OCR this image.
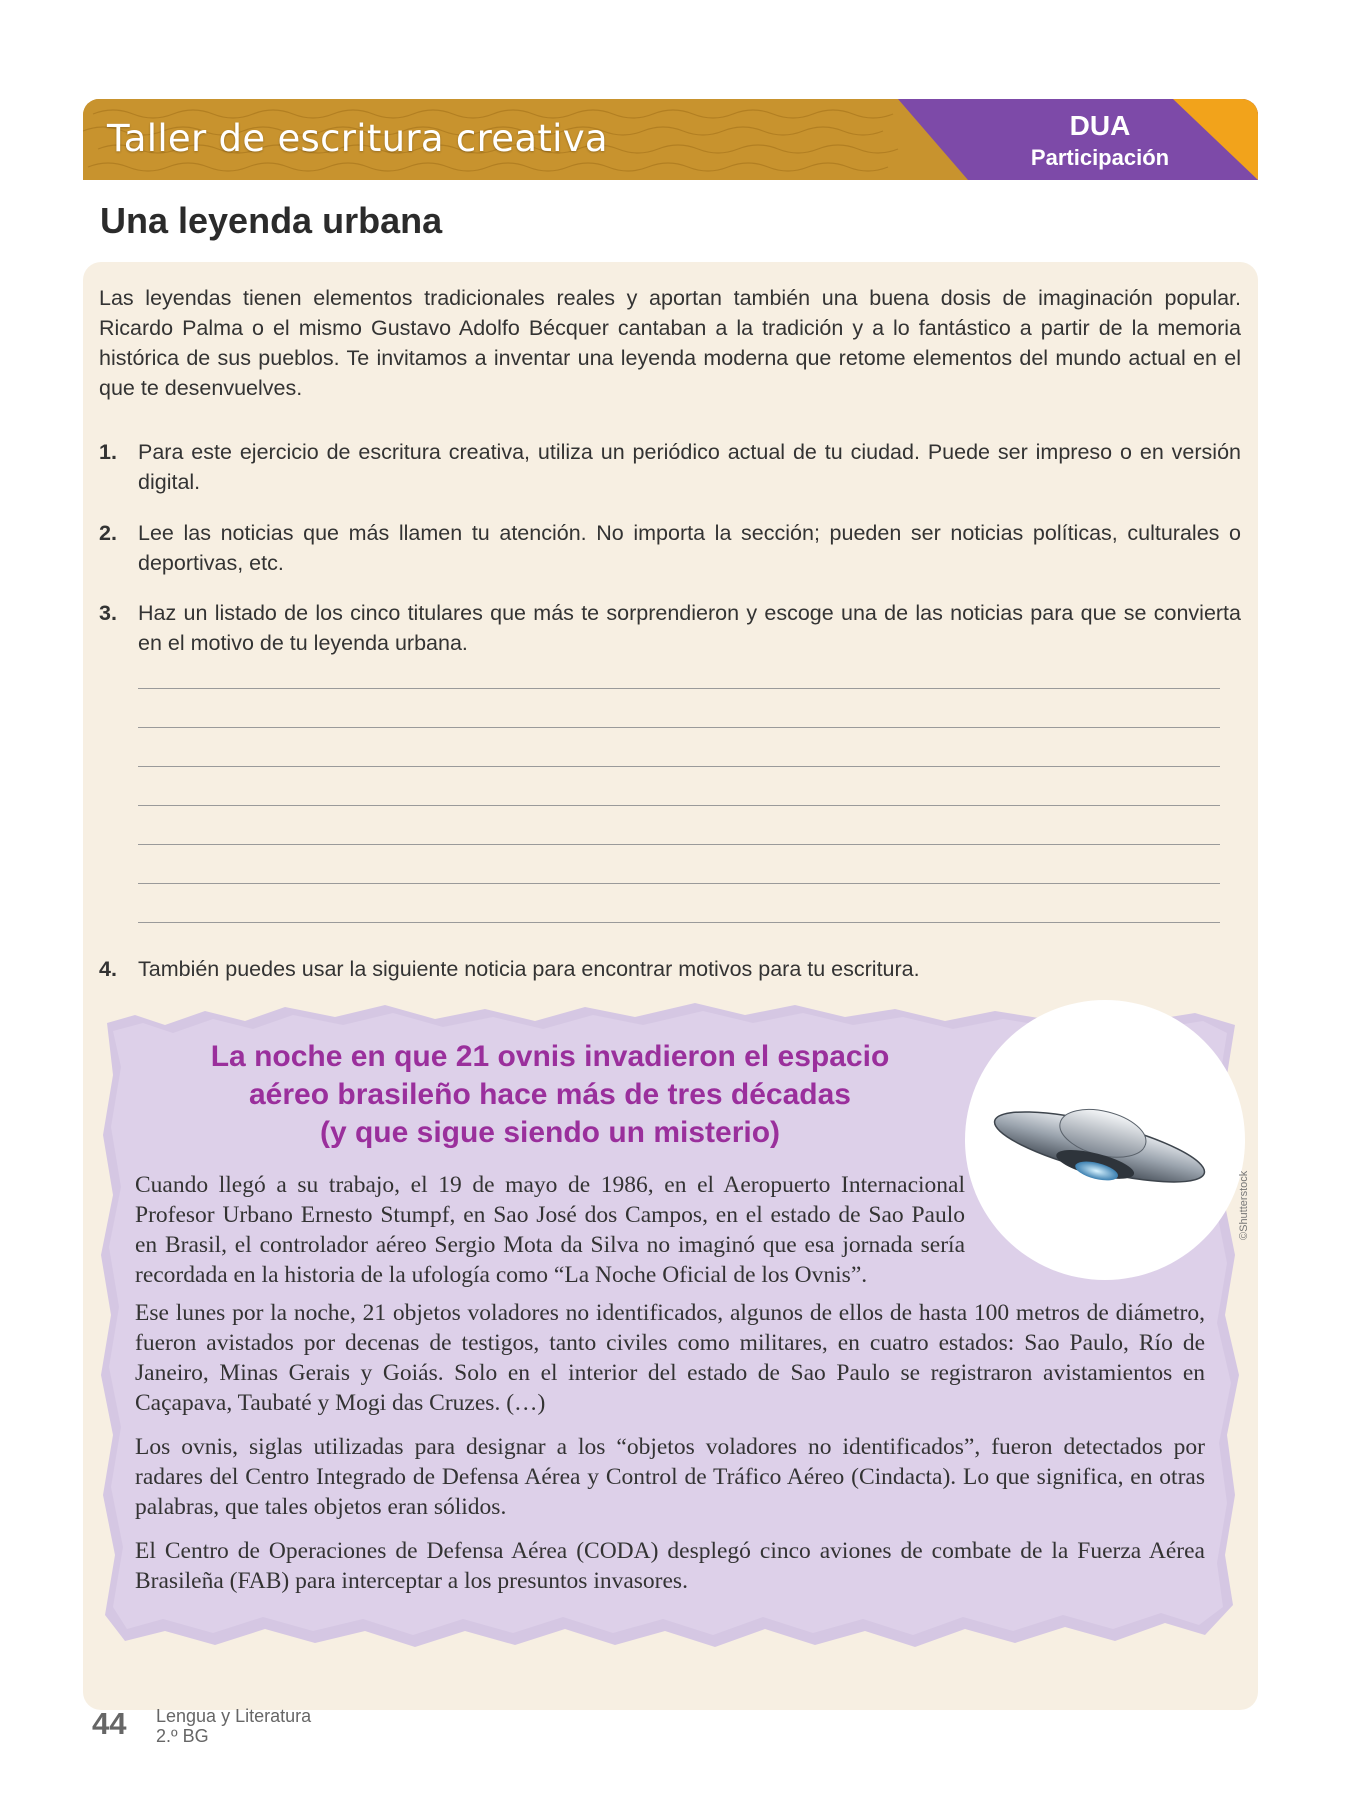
Taller de escritura creativa	DUA
Participación
Una leyenda urbana
Las leyendas tienen elementos tradicionales reales y aportan también una buena dosis de imaginación popular. Ricardo Palma o el mismo Gustavo Adolfo Bécquer cantaban a la tradición y a lo fantástico a partir de la memoria histórica de sus pueblos. Te invitamos a inventar una leyenda moderna que retome elementos del mundo actual en el que te desenvuelves.
1. Para este ejercicio de escritura creativa, utiliza un periódico actual de tu ciudad. Puede ser impreso o en versión digital.
2. Lee las noticias que más llamen tu atención. No importa la sección; pueden ser noticias políticas, culturales o deportivas, etc.
3. Haz un listado de los cinco titulares que más te sorprendieron y escoge una de las noticias para que se convierta en el motivo de tu leyenda urbana.
4. También puedes usar la siguiente noticia para encontrar motivos para tu escritura.
La noche en que 21 ovnis invadieron el espacio
aéreo brasileño hace más de tres décadas
(y que sigue siendo un misterio)
©Shutterstock
Cuando llegó a su trabajo, el 19 de mayo de 1986, en el Aeropuerto Internacional Profesor Urbano Ernesto Stumpf, en Sao José dos Campos, en el estado de Sao Paulo en Brasil, el controlador aéreo Sergio Mota da Silva no imaginó que esa jornada sería recordada en la historia de la ufología como “La Noche Oficial de los Ovnis”.
Ese lunes por la noche, 21 objetos voladores no identificados, algunos de ellos de hasta 100 metros de diámetro, fueron avistados por decenas de testigos, tanto civiles como militares, en cuatro estados: Sao Paulo, Río de Janeiro, Minas Gerais y Goiás. Solo en el interior del estado de Sao Paulo se registraron avistamientos en Caçapava, Taubaté y Mogi das Cruzes. (…)
Los ovnis, siglas utilizadas para designar a los “objetos voladores no identificados”, fueron detectados por radares del Centro Integrado de Defensa Aérea y Control de Tráfico Aéreo (Cindacta). Lo que significa, en otras palabras, que tales objetos eran sólidos.
El Centro de Operaciones de Defensa Aérea (CODA) desplegó cinco aviones de combate de la Fuerza Aérea Brasileña (FAB) para interceptar a los presuntos invasores.
44 Lengua y Literatura
2.º BG
